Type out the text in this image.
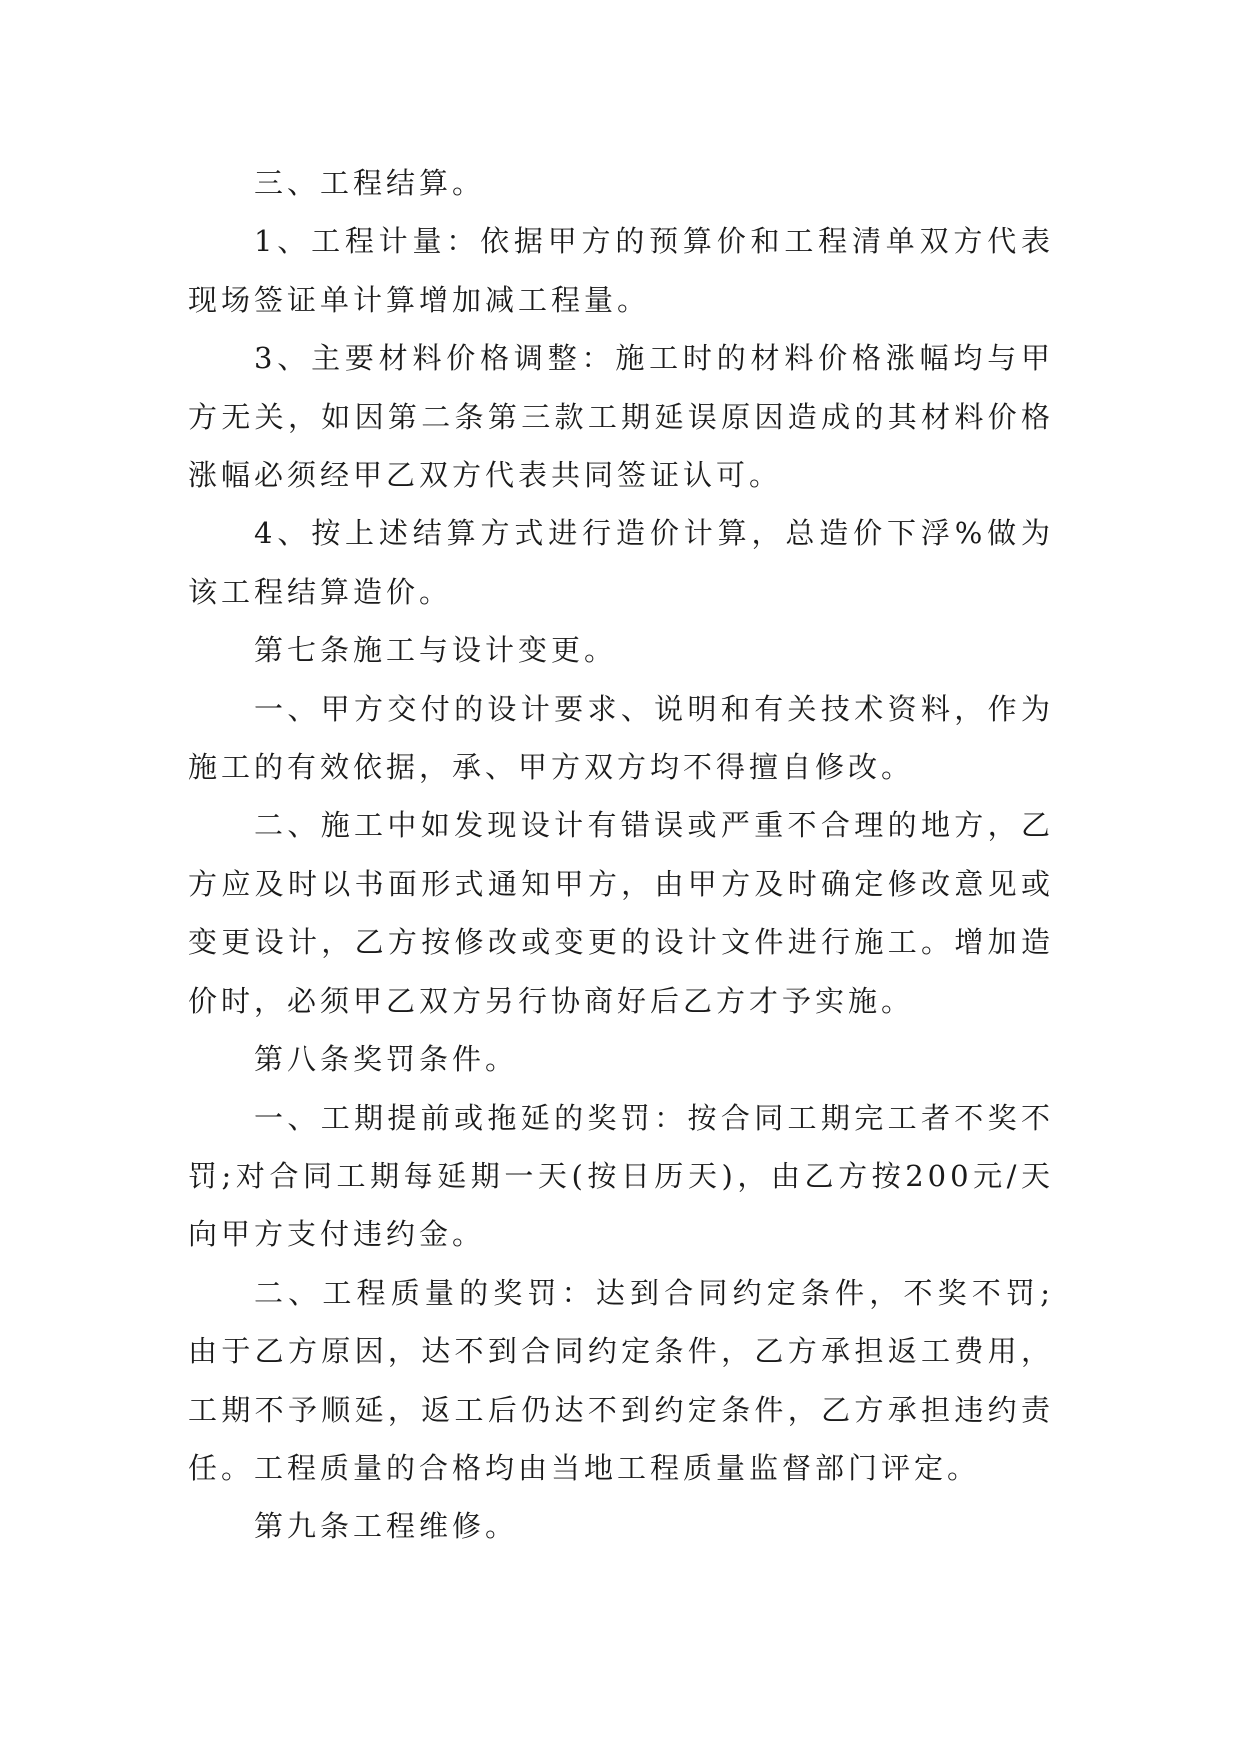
三、工程结算。

1、工程计量：依据甲方的预算价和工程清单双方代表现场签证单计算增加减工程量。

3、主要材料价格调整：施工时的材料价格涨幅均与甲方无关，如因第二条第三款工期延误原因造成的其材料价格涨幅必须经甲乙双方代表共同签证认可。

4、按上述结算方式进行造价计算，总造价下浮%做为该工程结算造价。

第七条施工与设计变更。

一、甲方交付的设计要求、说明和有关技术资料，作为施工的有效依据，承、甲方双方均不得擅自修改。

二、施工中如发现设计有错误或严重不合理的地方，乙方应及时以书面形式通知甲方，由甲方及时确定修改意见或变更设计，乙方按修改或变更的设计文件进行施工。增加造价时，必须甲乙双方另行协商好后乙方才予实施。

第八条奖罚条件。

一、工期提前或拖延的奖罚：按合同工期完工者不奖不罚;对合同工期每延期一天(按日历天)，由乙方按200元/天向甲方支付违约金。

二、工程质量的奖罚：达到合同约定条件，不奖不罚;由于乙方原因，达不到合同约定条件，乙方承担返工费用，工期不予顺延，返工后仍达不到约定条件，乙方承担违约责任。工程质量的合格均由当地工程质量监督部门评定。

第九条工程维修。
